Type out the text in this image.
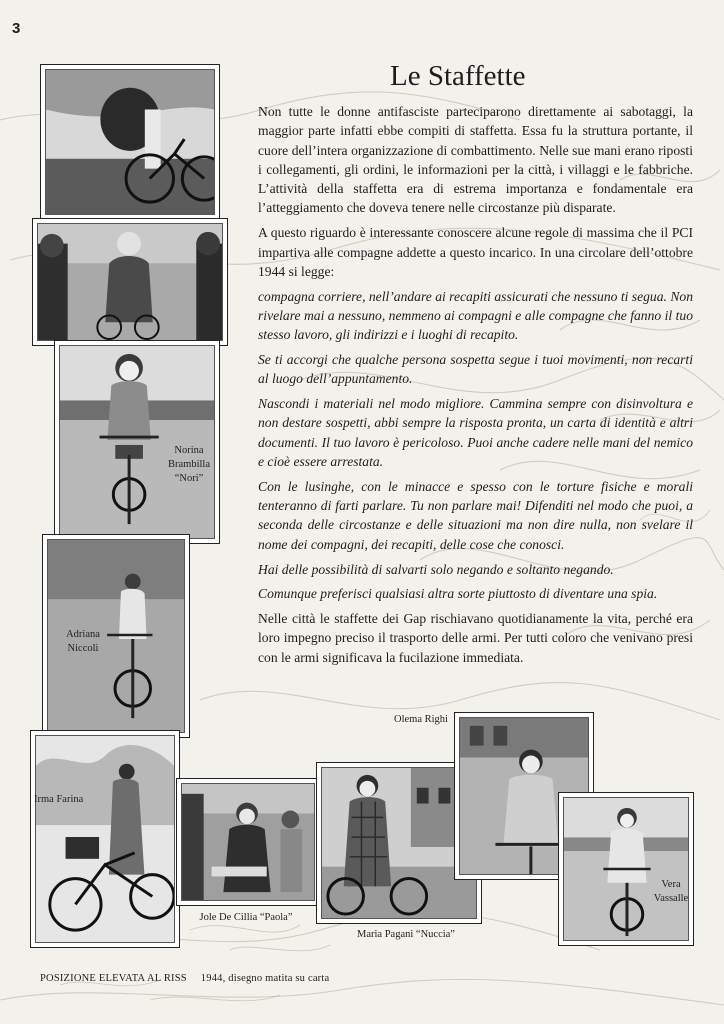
3
Le Staffette

Non tutte le donne antifasciste parteciparono direttamente ai sabotaggi, la maggior parte infatti ebbe compiti di staffetta. Essa fu la struttura portante, il cuore dell’intera organizzazione di combattimento. Nelle sue mani erano riposti i collegamenti, gli ordini, le informazioni per la città, i villaggi e le fabbriche. L’attività della staffetta era di estrema importanza e fondamentale era l’atteggiamento che doveva tenere nelle circostanze più disparate.

A questo riguardo è interessante conoscere alcune regole di massima che il PCI impartiva alle compagne addette a questo incarico. In una circolare dell’ottobre 1944 si legge:

compagna corriere, nell’andare ai recapiti assicurati che nessuno ti segua. Non rivelare mai a nessuno, nemmeno ai compagni e alle compagne che fanno il tuo stesso lavoro, gli indirizzi e i luoghi di recapito.

Se ti accorgi che qualche persona sospetta segue i tuoi movimenti, non recarti al luogo dell’appuntamento.

Nascondi i materiali nel modo migliore. Cammina sempre con disinvoltura e non destare sospetti, abbi sempre la risposta pronta, un carta di identità e altri documenti. Il tuo lavoro è pericoloso. Puoi anche cadere nelle mani del nemico e cioè essere arrestata.

Con le lusinghe, con le minacce e spesso con le torture fisiche e morali tenteranno di farti parlare. Tu non parlare mai! Difenditi nel modo che puoi, a seconda delle circostanze e delle situazioni ma non dire nulla, non svelare il nome dei compagni, dei recapiti, delle cose che conosci.

Hai delle possibilità di salvarti solo negando e soltanto negando.

Comunque preferisci qualsiasi altra sorte piuttosto di diventare una spia.

Nelle città le staffette dei Gap rischiavano quotidianamente la vita, perché era loro impegno preciso il trasporto delle armi. Per tutti coloro che venivano presi con le armi significava la fucilazione immediata.

Norina
Brambilla
“Nori”
Adriana
Niccoli
Irma Farina
Jole De Cillia “Paola”
Maria Pagani “Nuccia”
Olema Righi
Vera
Vassalle
POSIZIONE ELEVATA AL RISS 1944, disegno matita su carta
